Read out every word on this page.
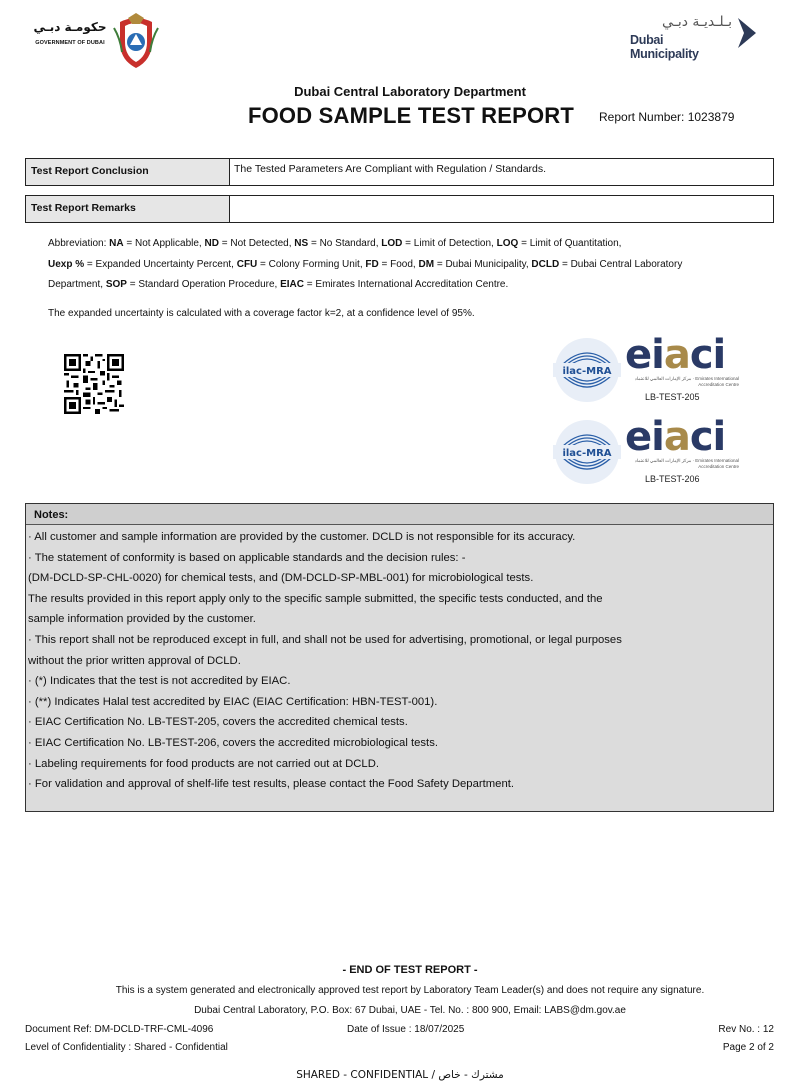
حكومـة دبـي
GOVERNMENT OF DUBAI
بـلـديـة دبـي
Dubai Municipality
Dubai Central Laboratory Department
FOOD SAMPLE TEST REPORT	Report Number: 1023879
Test Report Conclusion	The Tested Parameters Are Compliant with Regulation / Standards.
Test Report Remarks
Abbreviation: NA = Not Applicable, ND = Not Detected, NS = No Standard, LOD = Limit of Detection, LOQ = Limit of Quantitation,
Uexp % = Expanded Uncertainty Percent, CFU = Colony Forming Unit, FD = Food, DM = Dubai Municipality, DCLD = Dubai Central Laboratory Department, SOP = Standard Operation Procedure, EIAC = Emirates International Accreditation Centre.
The expanded uncertainty is calculated with a coverage factor k=2, at a confidence level of 95%.
ilac-MRA eiaci
مركز الإمارات العالمي للاعتماد · Emirates International Accreditation Centre
LB-TEST-205
ilac-MRA eiaci
مركز الإمارات العالمي للاعتماد · Emirates International Accreditation Centre
LB-TEST-206
Notes:
· All customer and sample information are provided by the customer. DCLD is not responsible for its accuracy.
· The statement of conformity is based on applicable standards and the decision rules: -
(DM-DCLD-SP-CHL-0020) for chemical tests, and (DM-DCLD-SP-MBL-001) for microbiological tests.
The results provided in this report apply only to the specific sample submitted, the specific tests conducted, and the
sample information provided by the customer.
· This report shall not be reproduced except in full, and shall not be used for advertising, promotional, or legal purposes
without the prior written approval of DCLD.
· (*) Indicates that the test is not accredited by EIAC.
· (**) Indicates Halal test accredited by EIAC (EIAC Certification: HBN-TEST-001).
· EIAC Certification No. LB-TEST-205, covers the accredited chemical tests.
· EIAC Certification No. LB-TEST-206, covers the accredited microbiological tests.
· Labeling requirements for food products are not carried out at DCLD.
· For validation and approval of shelf-life test results, please contact the Food Safety Department.
- END OF TEST REPORT -
This is a system generated and electronically approved test report by Laboratory Team Leader(s) and does not require any signature.
Dubai Central Laboratory, P.O. Box: 67 Dubai, UAE - Tel. No. : 800 900, Email: LABS@dm.gov.ae
Document Ref: DM-DCLD-TRF-CML-4096
Level of Confidentiality : Shared - Confidential
Date of Issue : 18/07/2025	Rev No. : 12
Page 2 of 2
SHARED - CONFIDENTIAL / مشترك - خاص
